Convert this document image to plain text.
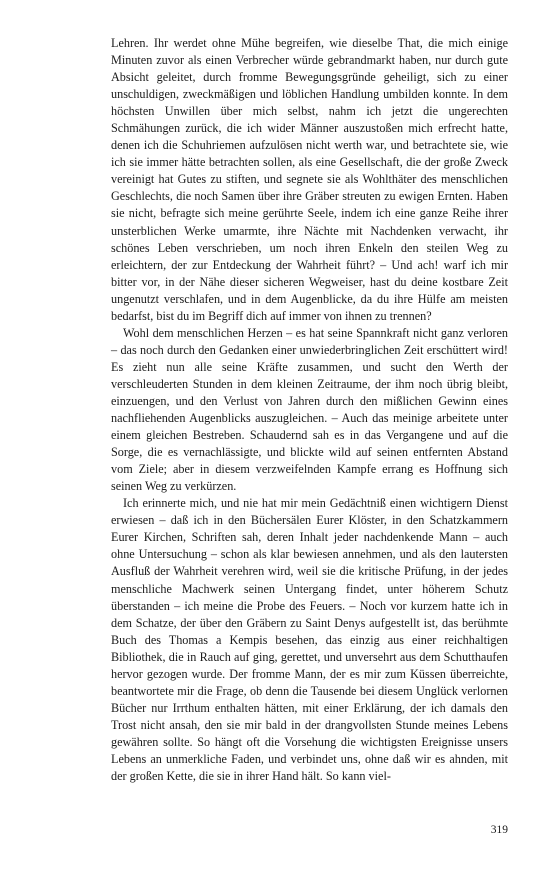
Lehren. Ihr werdet ohne Mühe begreifen, wie dieselbe That, die mich einige Minuten zuvor als einen Verbrecher würde gebrandmarkt haben, nur durch gute Absicht geleitet, durch fromme Bewegungsgründe geheiligt, sich zu einer unschuldigen, zweckmäßigen und löblichen Handlung umbilden konnte. In dem höchsten Unwillen über mich selbst, nahm ich jetzt die ungerechten Schmähungen zurück, die ich wider Männer auszustoßen mich erfrecht hatte, denen ich die Schuhriemen aufzulösen nicht werth war, und betrachtete sie, wie ich sie immer hätte betrachten sollen, als eine Gesellschaft, die der große Zweck vereinigt hat Gutes zu stiften, und segnete sie als Wohlthäter des menschlichen Geschlechts, die noch Samen über ihre Gräber streuten zu ewigen Ernten. Haben sie nicht, befragte sich meine gerührte Seele, indem ich eine ganze Reihe ihrer unsterblichen Werke umarmte, ihre Nächte mit Nachdenken verwacht, ihr schönes Leben verschrieben, um noch ihren Enkeln den steilen Weg zu erleichtern, der zur Entdeckung der Wahrheit führt? – Und ach! warf ich mir bitter vor, in der Nähe dieser sicheren Wegweiser, hast du deine kostbare Zeit ungenutzt verschlafen, und in dem Augenblicke, da du ihre Hülfe am meisten bedarfst, bist du im Begriff dich auf immer von ihnen zu trennen?

Wohl dem menschlichen Herzen – es hat seine Spannkraft nicht ganz verloren – das noch durch den Gedanken einer unwiederbringlichen Zeit erschüttert wird! Es zieht nun alle seine Kräfte zusammen, und sucht den Werth der verschleuderten Stunden in dem kleinen Zeitraume, der ihm noch übrig bleibt, einzuengen, und den Verlust von Jahren durch den mißlichen Gewinn eines nachfliehenden Augenblicks auszugleichen. – Auch das meinige arbeitete unter einem gleichen Bestreben. Schaudernd sah es in das Vergangene und auf die Sorge, die es vernachlässigte, und blickte wild auf seinen entfernten Abstand vom Ziele; aber in diesem verzweifelnden Kampfe errang es Hoffnung sich seinen Weg zu verkürzen.

Ich erinnerte mich, und nie hat mir mein Gedächtniß einen wichtigern Dienst erwiesen – daß ich in den Büchersälen Eurer Klöster, in den Schatzkammern Eurer Kirchen, Schriften sah, deren Inhalt jeder nachdenkende Mann – auch ohne Untersuchung – schon als klar bewiesen annehmen, und als den lautersten Ausfluß der Wahrheit verehren wird, weil sie die kritische Prüfung, in der jedes menschliche Machwerk seinen Untergang findet, unter höherem Schutz überstanden – ich meine die Probe des Feuers. – Noch vor kurzem hatte ich in dem Schatze, der über den Gräbern zu Saint Denys aufgestellt ist, das berühmte Buch des Thomas a Kempis besehen, das einzig aus einer reichhaltigen Bibliothek, die in Rauch auf ging, gerettet, und unversehrt aus dem Schutthaufen hervor gezogen wurde. Der fromme Mann, der es mir zum Küssen überreichte, beantwortete mir die Frage, ob denn die Tausende bei diesem Unglück verlornen Bücher nur Irrthum enthalten hätten, mit einer Erklärung, der ich damals den Trost nicht ansah, den sie mir bald in der drangvollsten Stunde meines Lebens gewähren sollte. So hängt oft die Vorsehung die wichtigsten Ereignisse unsers Lebens an unmerkliche Faden, und verbindet uns, ohne daß wir es ahnden, mit der großen Kette, die sie in ihrer Hand hält. So kann viel-

319
